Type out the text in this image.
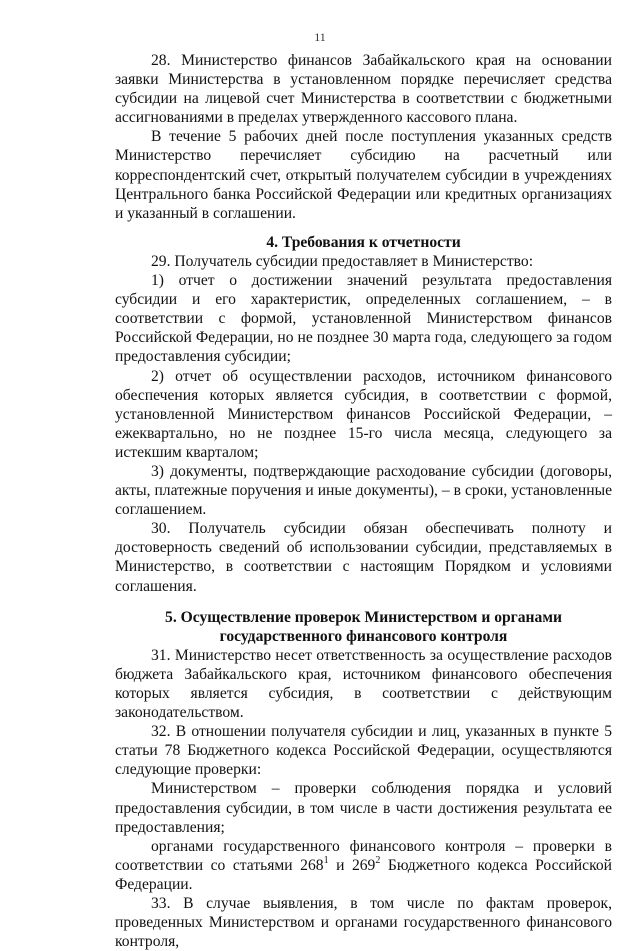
11

28. Министерство финансов Забайкальского края на основании заявки Министерства в установленном порядке перечисляет средства субсидии на лицевой счет Министерства в соответствии с бюджетными ассигнованиями в пределах утвержденного кассового плана.

В течение 5 рабочих дней после поступления указанных средств Министерство перечисляет субсидию на расчетный или корреспондентский счет, открытый получателем субсидии в учреждениях Центрального банка Российской Федерации или кредитных организациях и указанный в соглашении.

4. Требования к отчетности

29. Получатель субсидии предоставляет в Министерство:

1) отчет о достижении значений результата предоставления субсидии и его характеристик, определенных соглашением, – в соответствии с формой, установленной Министерством финансов Российской Федерации, но не позднее 30 марта года, следующего за годом предоставления субсидии;

2) отчет об осуществлении расходов, источником финансового обеспечения которых является субсидия, в соответствии с формой, установленной Министерством финансов Российской Федерации, – ежеквартально, но не позднее 15-го числа месяца, следующего за истекшим кварталом;

3) документы, подтверждающие расходование субсидии (договоры, акты, платежные поручения и иные документы), – в сроки, установленные соглашением.

30. Получатель субсидии обязан обеспечивать полноту и достоверность сведений об использовании субсидии, представляемых в Министерство, в соответствии с настоящим Порядком и условиями соглашения.

5. Осуществление проверок Министерством и органами
государственного финансового контроля

31. Министерство несет ответственность за осуществление расходов бюджета Забайкальского края, источником финансового обеспечения которых является субсидия, в соответствии с действующим законодательством.

32. В отношении получателя субсидии и лиц, указанных в пункте 5 статьи 78 Бюджетного кодекса Российской Федерации, осуществляются следующие проверки:

Министерством – проверки соблюдения порядка и условий предоставления субсидии, в том числе в части достижения результата ее предоставления;

органами государственного финансового контроля – проверки в соответствии со статьями $268^1$ и $269^2$ Бюджетного кодекса Российской Федерации.

33. В случае выявления, в том числе по фактам проверок, проведенных Министерством и органами государственного финансового контроля,
